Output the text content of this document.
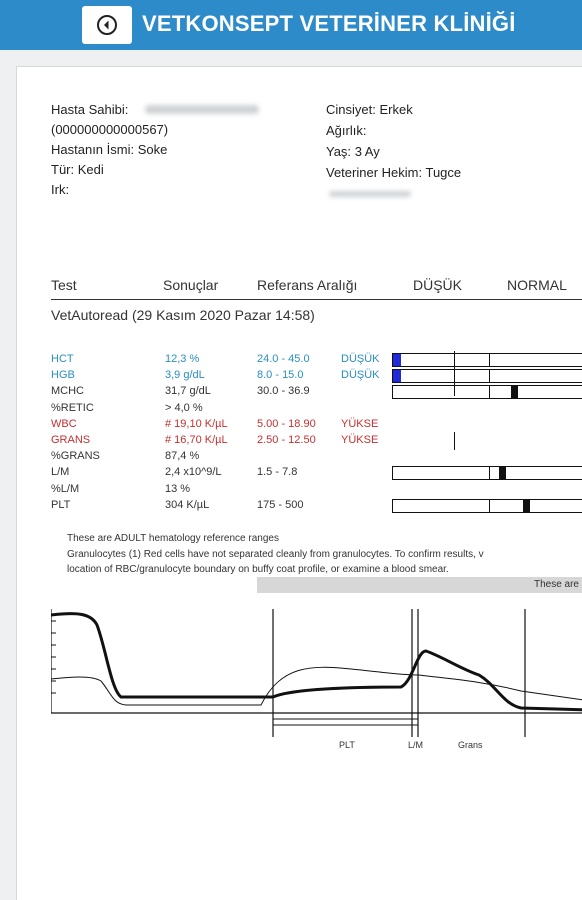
VETKONSEPT VETERİNER KLİNİĞİ
Hasta Sahibi:
(000000000000567)
Hastanın İsmi: Soke
Tür: Kedi
Irk:
Cinsiyet: Erkek
Ağırlık:
Yaş: 3 Ay
Veteriner Hekim: Tugce
Test	Sonuçlar	Referans Aralığı	DÜŞÜK	NORMAL
VetAutoread (29 Kasım 2020 Pazar 14:58)
HCT	12,3 %	24.0 - 45.0	DÜŞÜK
HGB	3,9 g/dL	8.0 - 15.0	DÜŞÜK
MCHC	31,7 g/dL	30.0 - 36.9
%RETIC	> 4,0 %
WBC	# 19,10 K/µL	5.00 - 18.90 YÜKSE
GRANS	# 16,70 K/µL	2.50 - 12.50 YÜKSE
%GRANS	87,4 %
L/M	2,4 x10^9/L	1.5 - 7.8
%L/M	13 %
PLT	304 K/µL	175 - 500
These are ADULT hematology reference ranges
Granulocytes (1) Red cells have not separated cleanly from granulocytes. To confirm results, v
location of RBC/granulocyte boundary on buffy coat profile, or examine a blood smear.
These are
PLT	L/M	Grans
